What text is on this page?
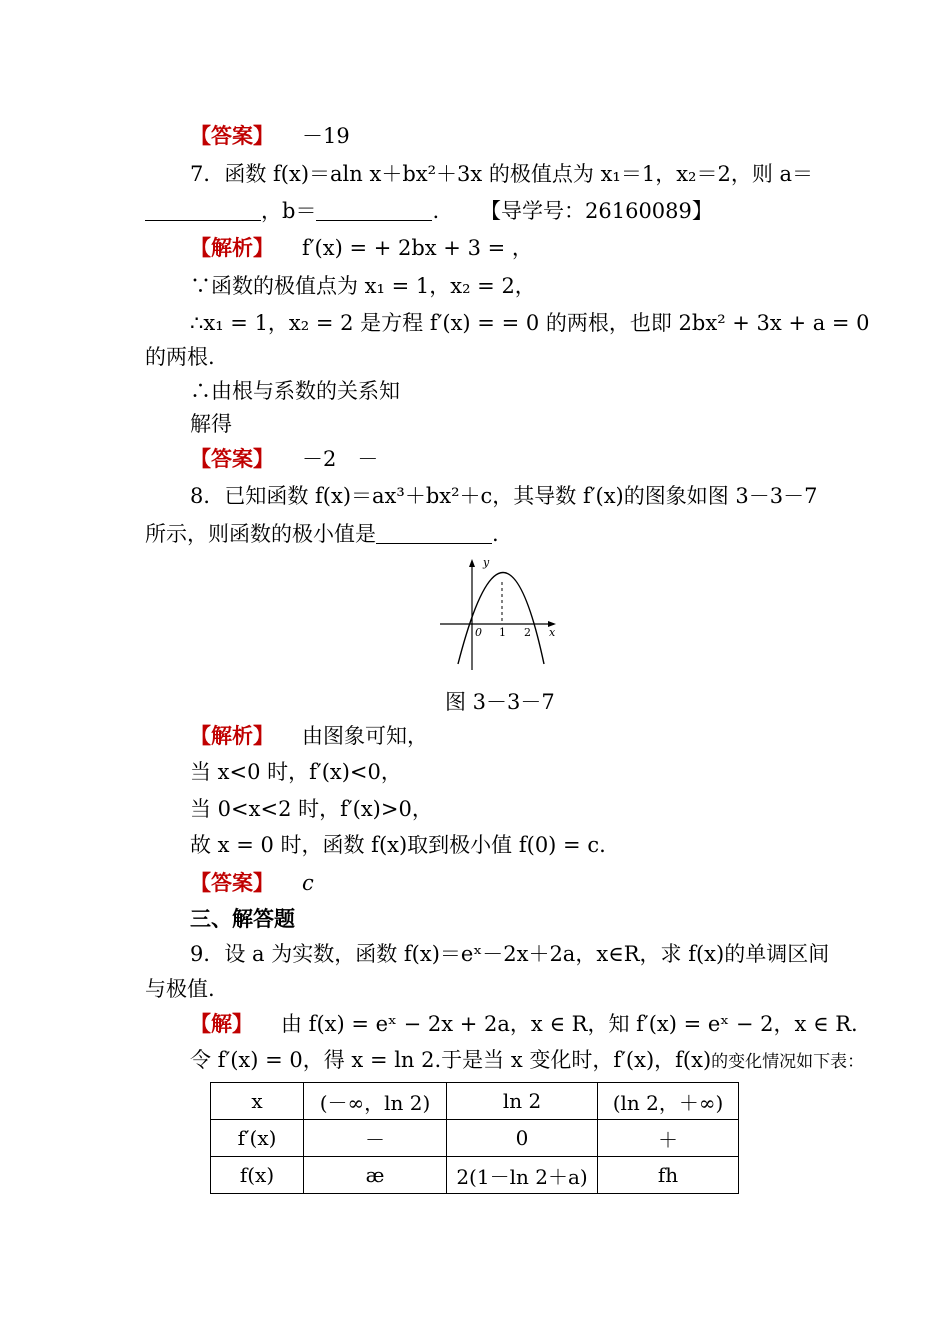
【答案】 －19
7．函数 f(x)＝aln x＋bx²＋3x 的极值点为 x₁＝1，x₂＝2，则 a＝
，b＝	. 【导学号：26160089】
【解析】 f′(x) = + 2bx + 3 = ，
∵函数的极值点为 x₁ = 1，x₂ = 2，
∴x₁ = 1，x₂ = 2 是方程 f′(x) = = 0 的两根，也即 2bx² + 3x + a = 0
的两根.
∴由根与系数的关系知
解得
【答案】 －2　－
8．已知函数 f(x)＝ax³＋bx²＋c，其导数 f′(x)的图象如图 3－3－7
所示，则函数的极小值是	.
y
x
0 1 2
图 3－3－7
【解析】 由图象可知，
当 x<0 时，f′(x)<0，
当 0<x<2 时，f′(x)>0，
故 x = 0 时，函数 f(x)取到极小值 f(0) = c.
【答案】 c
三、解答题
9．设 a 为实数，函数 f(x)＝eˣ－2x＋2a，x∈R，求 f(x)的单调区间
与极值.
【解】 由 f(x) = eˣ − 2x + 2a，x ∈ R，知 f′(x) = eˣ − 2，x ∈ R.
令 f′(x) = 0，得 x = ln 2.于是当 x 变化时，f′(x)，f(x)的变化情况如下表：
x	(－∞，ln 2)	ln 2	(ln 2，＋∞)
f′(x)	－	0	＋
f(x)	æ	2(1－ln 2＋a)	fh
